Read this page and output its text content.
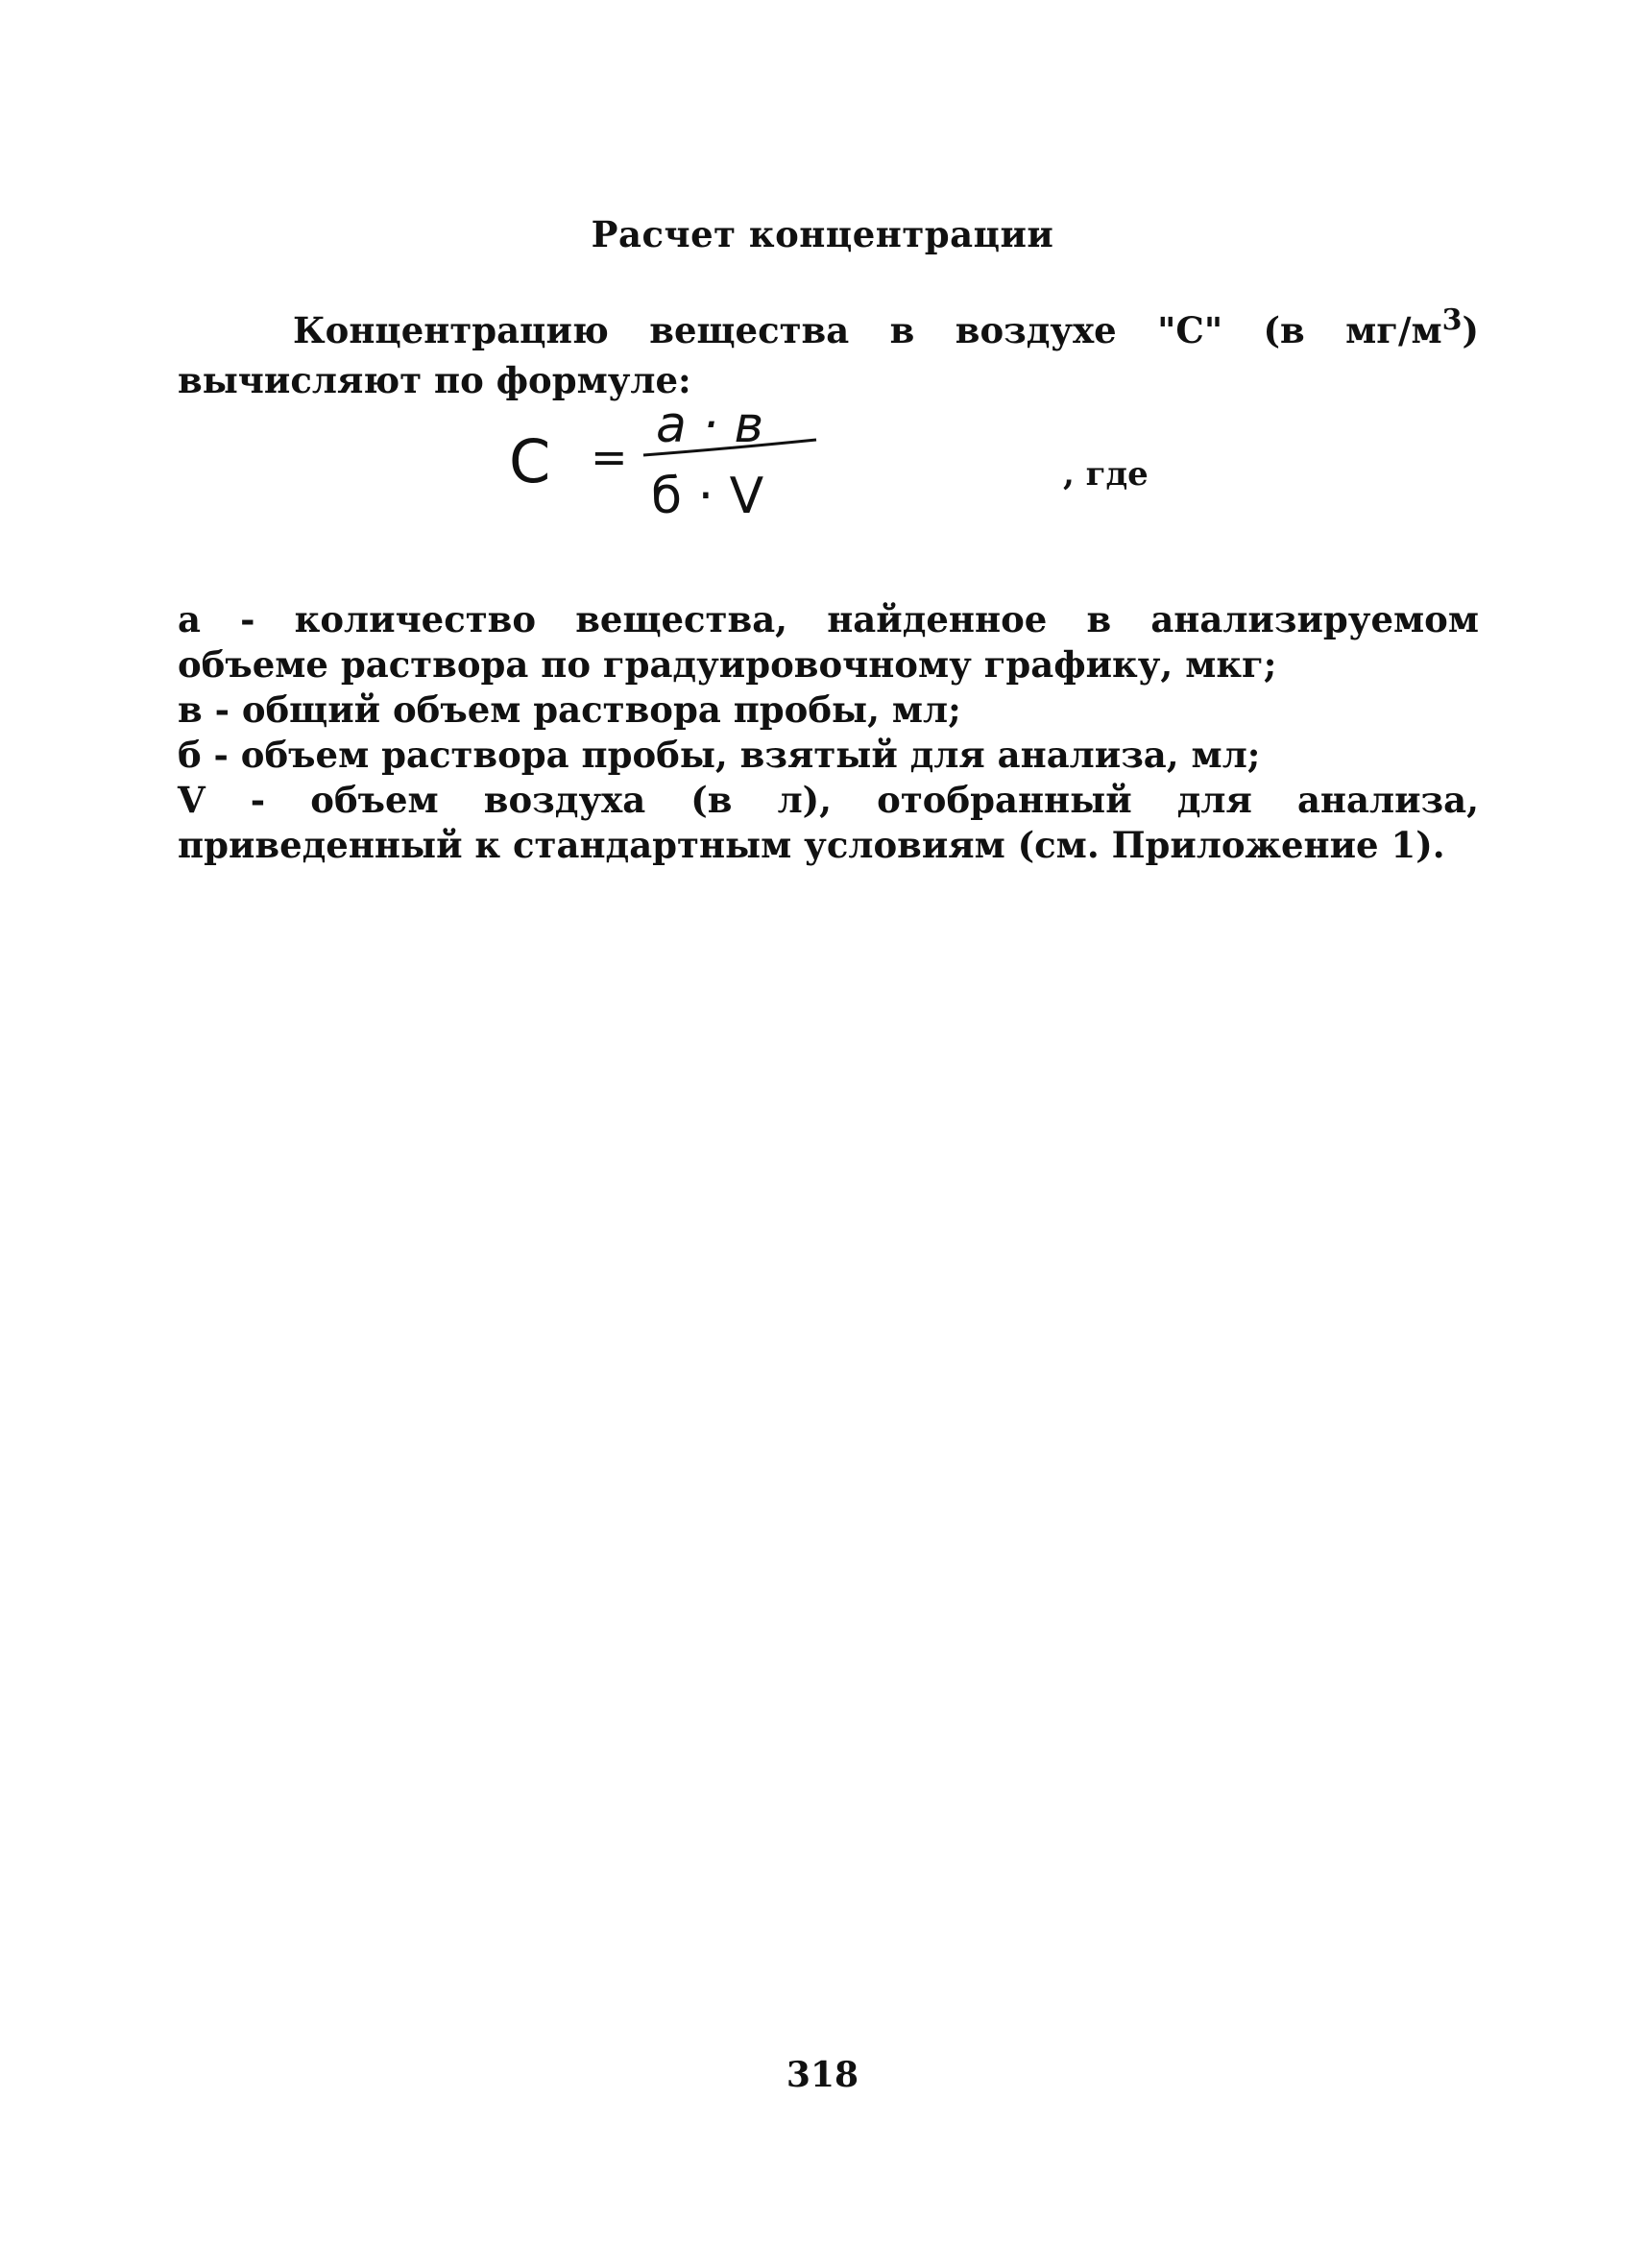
Расчет концентрации
Концентрацию вещества в воздухе "С" (в $мг/м^3$) вычисляют по формуле:
С =
а · в
б · V	, где

а - количество вещества, найденное в анализируемом объеме раствора по градуировочному графику, мкг;

в - общий объем раствора пробы, мл;

б - объем раствора пробы, взятый для анализа, мл;

V - объем воздуха (в л), отобранный для анализа, приведенный к стандартным условиям (см. Приложение 1).

318
